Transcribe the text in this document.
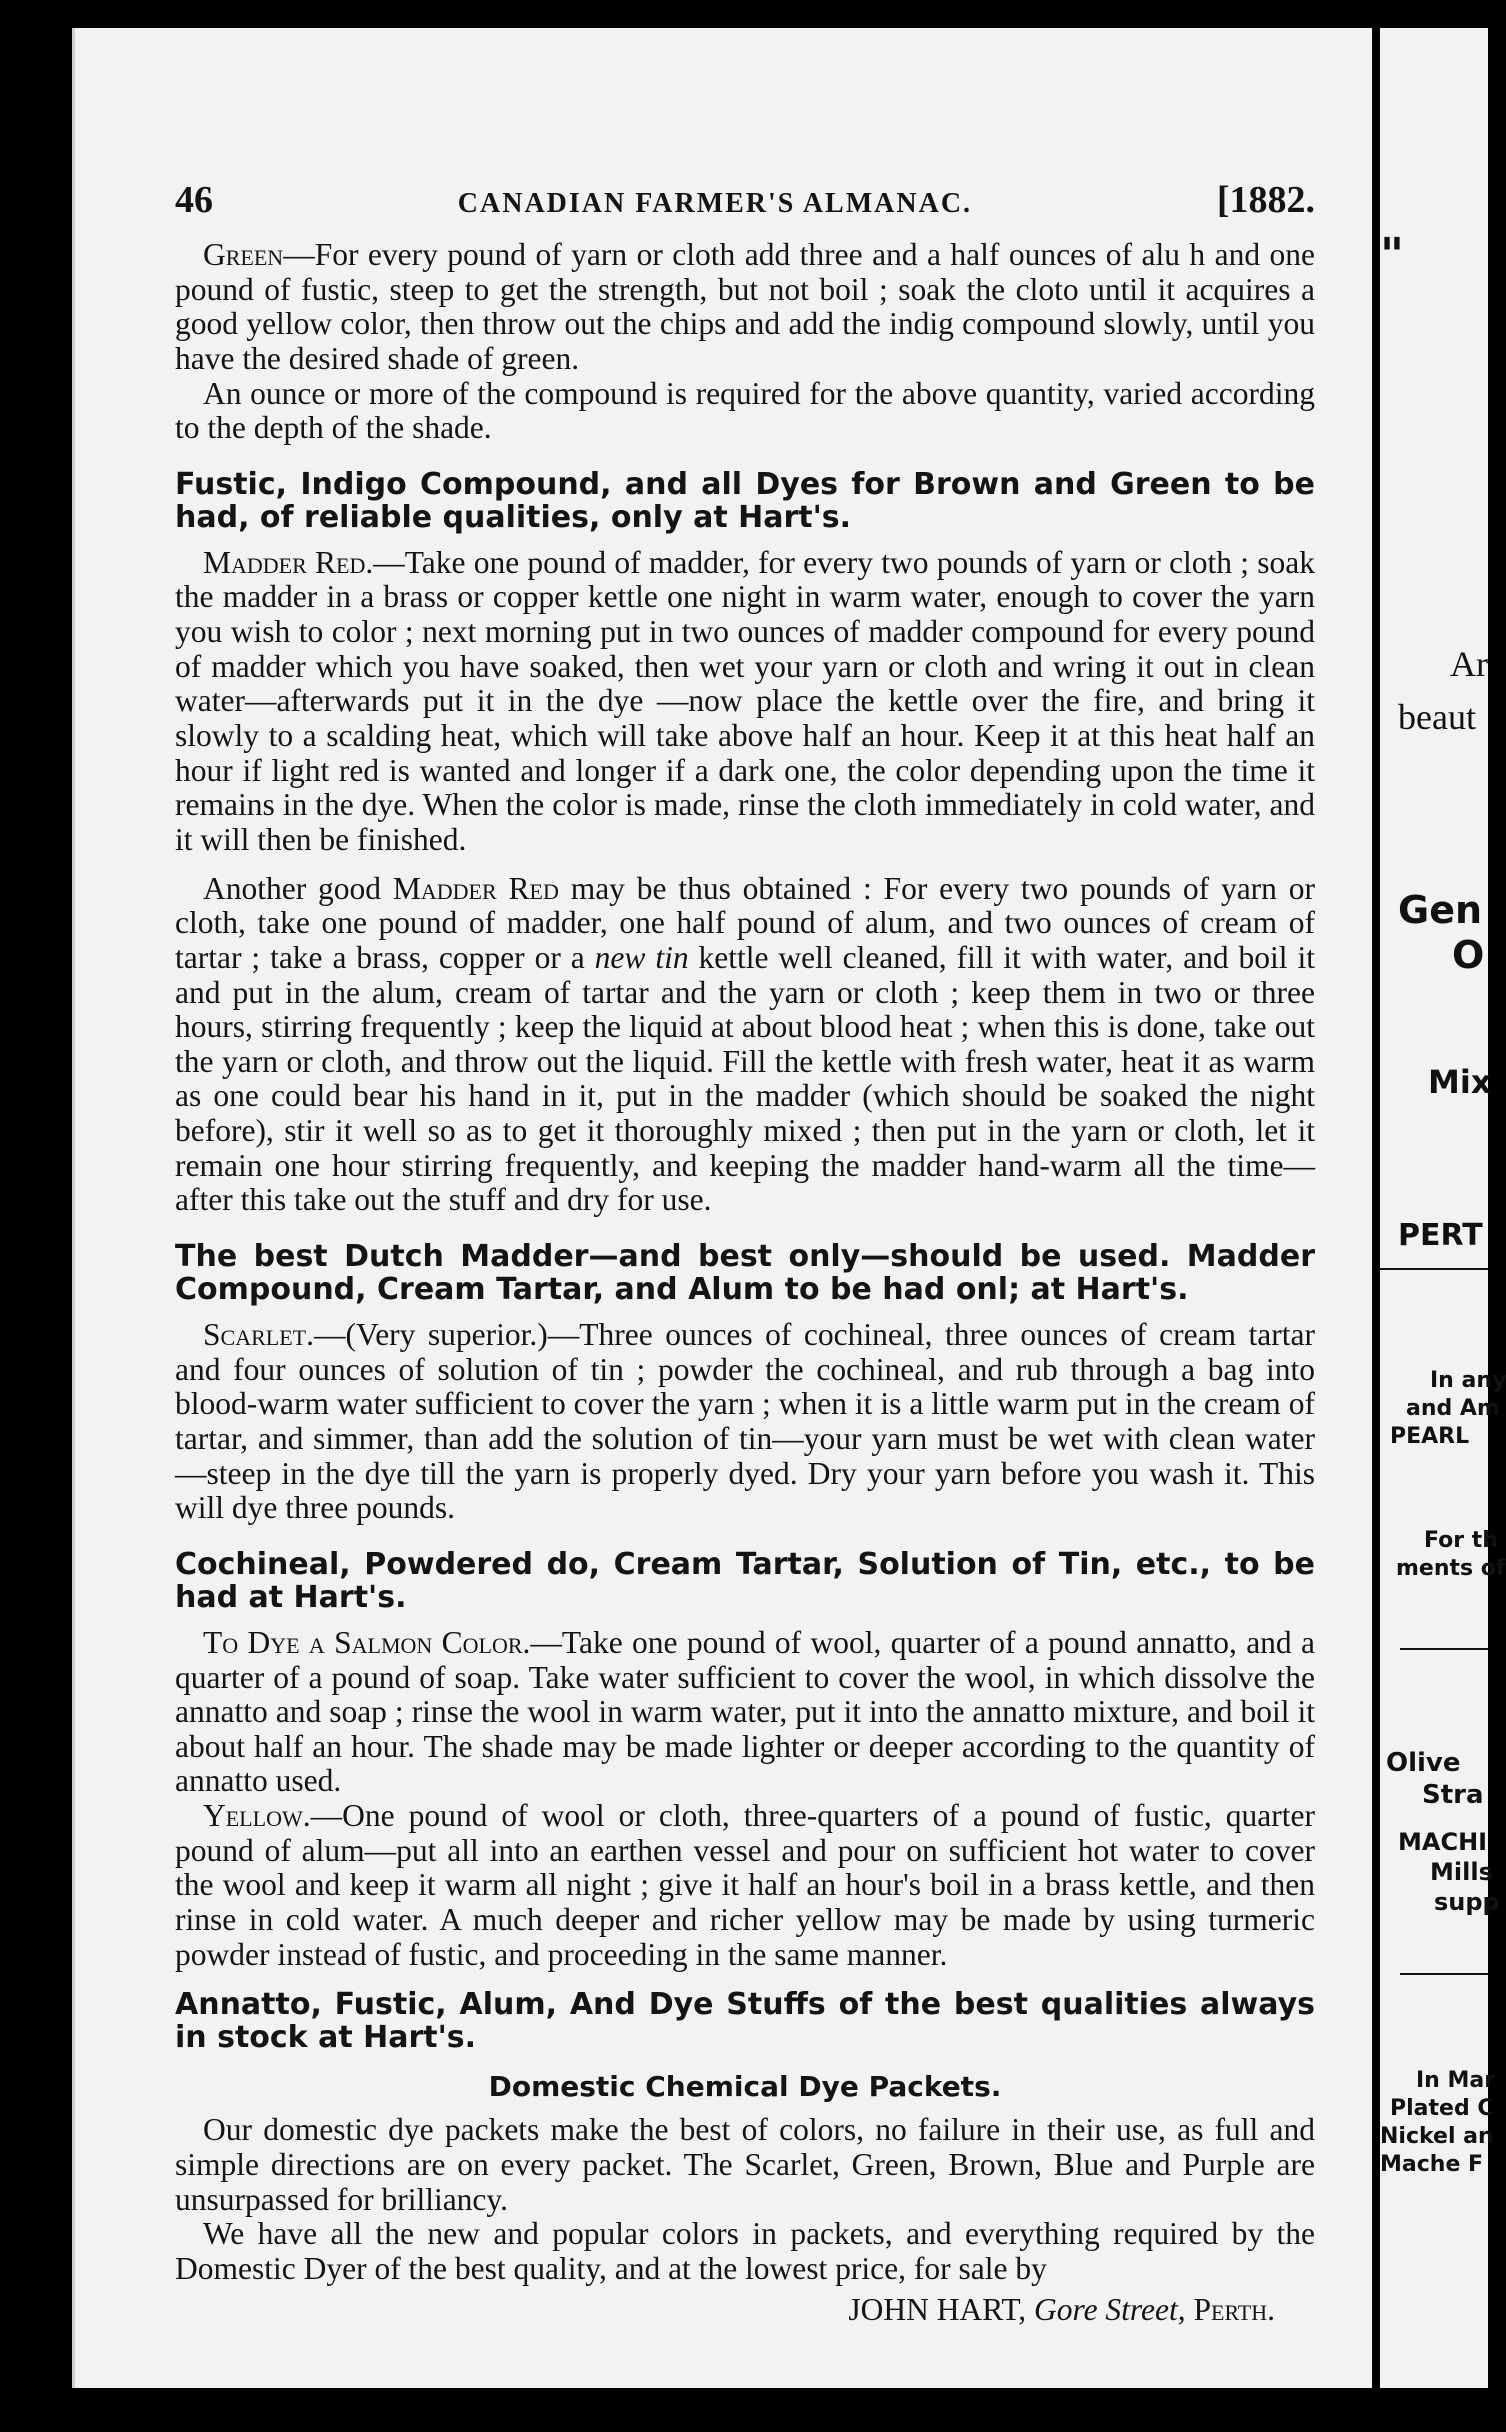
46	CANADIAN FARMER'S ALMANAC.	[1882.

Green—For every pound of yarn or cloth add three and a half ounces of alu h and one pound of fustic, steep to get the strength, but not boil ; soak the cloto until it acquires a good yellow color, then throw out the chips and add the indig compound slowly, until you have the desired shade of green.

An ounce or more of the compound is required for the above quantity, varied according to the depth of the shade.

Fustic, Indigo Compound, and all Dyes for Brown and Green to be had, of reliable qualities, only at Hart's.

Madder Red.—Take one pound of madder, for every two pounds of yarn or cloth ; soak the madder in a brass or copper kettle one night in warm water, enough to cover the yarn you wish to color ; next morning put in two ounces of madder compound for every pound of madder which you have soaked, then wet your yarn or cloth and wring it out in clean water—afterwards put it in the dye —now place the kettle over the fire, and bring it slowly to a scalding heat, which will take above half an hour. Keep it at this heat half an hour if light red is wanted and longer if a dark one, the color depending upon the time it remains in the dye. When the color is made, rinse the cloth immediately in cold water, and it will then be finished.

Another good Madder Red may be thus obtained : For every two pounds of yarn or cloth, take one pound of madder, one half pound of alum, and two ounces of cream of tartar ; take a brass, copper or a new tin kettle well cleaned, fill it with water, and boil it and put in the alum, cream of tartar and the yarn or cloth ; keep them in two or three hours, stirring frequently ; keep the liquid at about blood heat ; when this is done, take out the yarn or cloth, and throw out the liquid. Fill the kettle with fresh water, heat it as warm as one could bear his hand in it, put in the madder (which should be soaked the night before), stir it well so as to get it thoroughly mixed ; then put in the yarn or cloth, let it remain one hour stirring frequently, and keeping the madder hand-warm all the time—after this take out the stuff and dry for use.

The best Dutch Madder—and best only—should be used. Madder Compound, Cream Tartar, and Alum to be had onl; at Hart's.

Scarlet.—(Very superior.)—Three ounces of cochineal, three ounces of cream tartar and four ounces of solution of tin ; powder the cochineal, and rub through a bag into blood-warm water sufficient to cover the yarn ; when it is a little warm put in the cream of tartar, and simmer, than add the solution of tin—your yarn must be wet with clean water—steep in the dye till the yarn is properly dyed. Dry your yarn before you wash it. This will dye three pounds.

Cochineal, Powdered do, Cream Tartar, Solution of Tin, etc., to be had at Hart's.

To Dye a Salmon Color.—Take one pound of wool, quarter of a pound annatto, and a quarter of a pound of soap. Take water sufficient to cover the wool, in which dissolve the annatto and soap ; rinse the wool in warm water, put it into the annatto mixture, and boil it about half an hour. The shade may be made lighter or deeper according to the quantity of annatto used.

Yellow.—One pound of wool or cloth, three-quarters of a pound of fustic, quarter pound of alum—put all into an earthen vessel and pour on sufficient hot water to cover the wool and keep it warm all night ; give it half an hour's boil in a brass kettle, and then rinse in cold water. A much deeper and richer yellow may be made by using turmeric powder instead of fustic, and proceeding in the same manner.

Annatto, Fustic, Alum, And Dye Stuffs of the best qualities always in stock at Hart's.
Domestic Chemical Dye Packets.

Our domestic dye packets make the best of colors, no failure in their use, as full and simple directions are on every packet. The Scarlet, Green, Brown, Blue and Purple are unsurpassed for brilliancy.

We have all the new and popular colors in packets, and everything required by the Domestic Dyer of the best quality, and at the lowest price, for sale by

JOHN HART, Gore Street, Perth.
"
Ar
beaut
Gen
O
Mix
PERT
In any
and Am
PEARL
For th
ments of
Olive
Stra
MACHI
Mills
supp
In Mar
Plated C
Nickel an
Mache F
